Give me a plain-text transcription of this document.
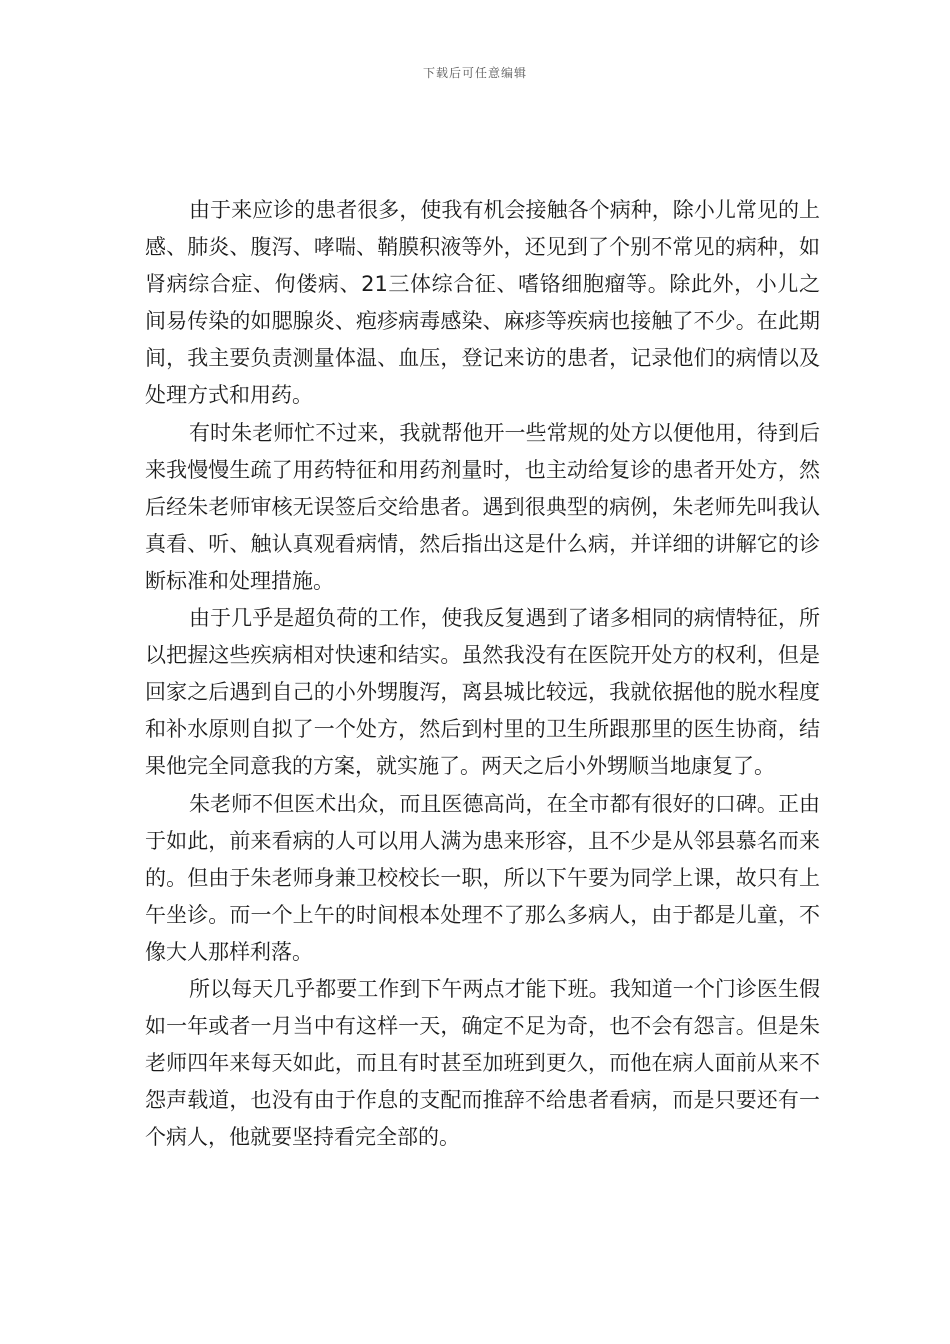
下载后可任意编辑

由于来应诊的患者很多，使我有机会接触各个病种，除小儿常见的上感、肺炎、腹泻、哮喘、鞘膜积液等外，还见到了个别不常见的病种，如肾病综合症、佝偻病、21三体综合征、嗜铬细胞瘤等。除此外，小儿之间易传染的如腮腺炎、疱疹病毒感染、麻疹等疾病也接触了不少。在此期间，我主要负责测量体温、血压，登记来访的患者，记录他们的病情以及处理方式和用药。

有时朱老师忙不过来，我就帮他开一些常规的处方以便他用，待到后来我慢慢生疏了用药特征和用药剂量时，也主动给复诊的患者开处方，然后经朱老师审核无误签后交给患者。遇到很典型的病例，朱老师先叫我认真看、听、触认真观看病情，然后指出这是什么病，并详细的讲解它的诊断标准和处理措施。

由于几乎是超负荷的工作，使我反复遇到了诸多相同的病情特征，所以把握这些疾病相对快速和结实。虽然我没有在医院开处方的权利，但是回家之后遇到自己的小外甥腹泻，离县城比较远，我就依据他的脱水程度和补水原则自拟了一个处方，然后到村里的卫生所跟那里的医生协商，结果他完全同意我的方案，就实施了。两天之后小外甥顺当地康复了。

朱老师不但医术出众，而且医德高尚，在全市都有很好的口碑。正由于如此，前来看病的人可以用人满为患来形容，且不少是从邻县慕名而来的。但由于朱老师身兼卫校校长一职，所以下午要为同学上课，故只有上午坐诊。而一个上午的时间根本处理不了那么多病人，由于都是儿童，不像大人那样利落。

所以每天几乎都要工作到下午两点才能下班。我知道一个门诊医生假如一年或者一月当中有这样一天，确定不足为奇，也不会有怨言。但是朱老师四年来每天如此，而且有时甚至加班到更久，而他在病人面前从来不怨声载道，也没有由于作息的支配而推辞不给患者看病，而是只要还有一个病人，他就要坚持看完全部的。
